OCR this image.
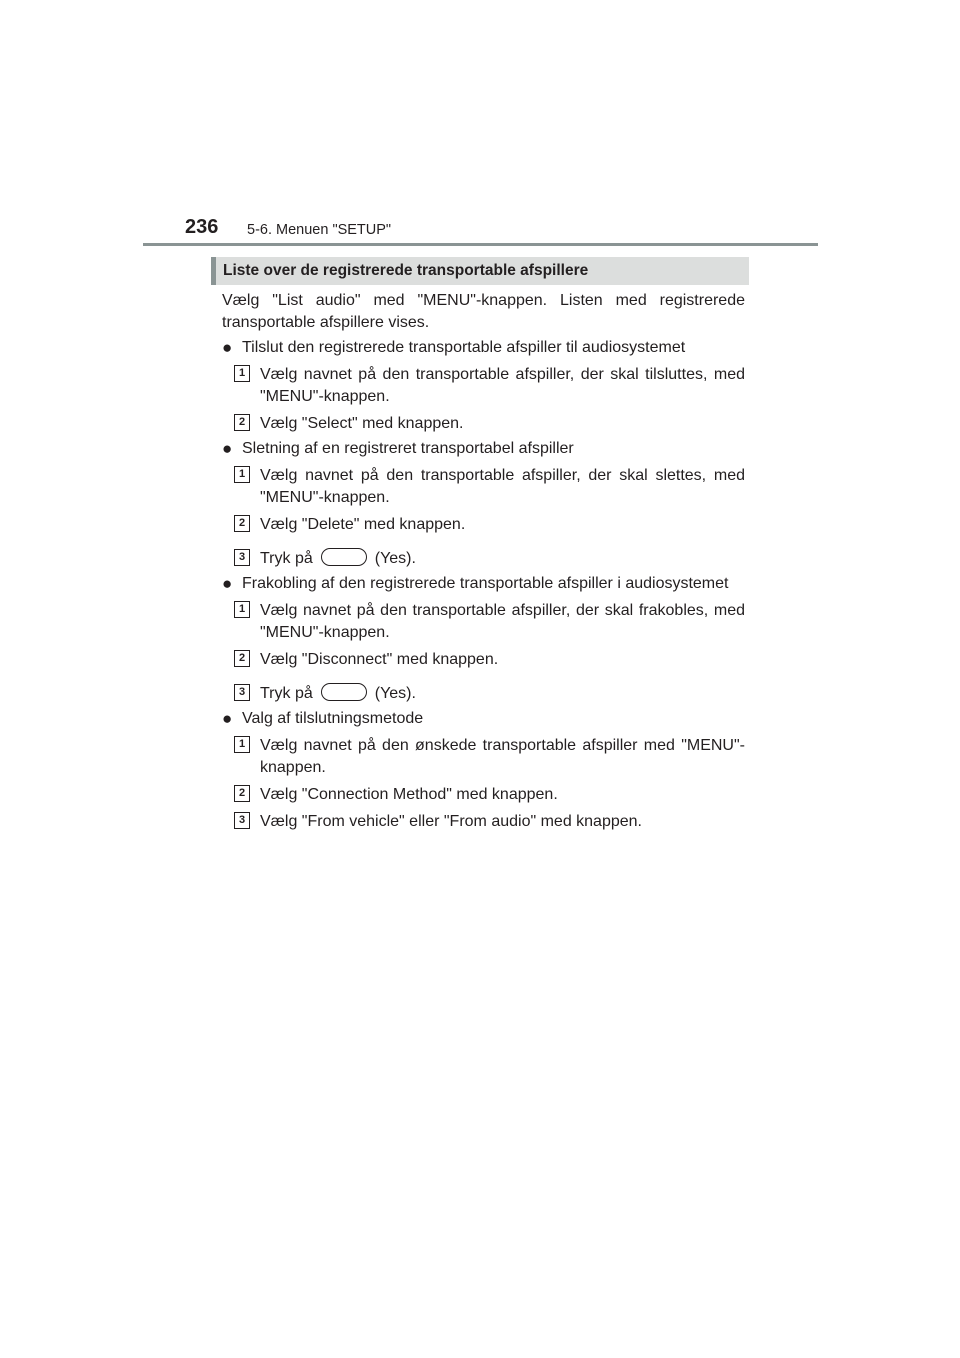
236 5-6. Menuen "SETUP"
Liste over de registrerede transportable afspillere

Vælg "List audio" med "MENU"-knappen. Listen med registrerede transportable afspillere vises.

● Tilslut den registrerede transportable afspiller til audiosystemet
1 Vælg navnet på den transportable afspiller, der skal tilsluttes, med "MENU"-knappen.
2 Vælg "Select" med knappen.
● Sletning af en registreret transportabel afspiller
1 Vælg navnet på den transportable afspiller, der skal slettes, med "MENU"-knappen.
2 Vælg "Delete" med knappen.
3 Tryk på	(Yes).
● Frakobling af den registrerede transportable afspiller i audiosystemet
1 Vælg navnet på den transportable afspiller, der skal frakobles, med "MENU"-knappen.
2 Vælg "Disconnect" med knappen.
3 Tryk på	(Yes).
● Valg af tilslutningsmetode
1 Vælg navnet på den ønskede transportable afspiller med "MENU"-knappen.
2 Vælg "Connection Method" med knappen.
3 Vælg "From vehicle" eller "From audio" med knappen.
